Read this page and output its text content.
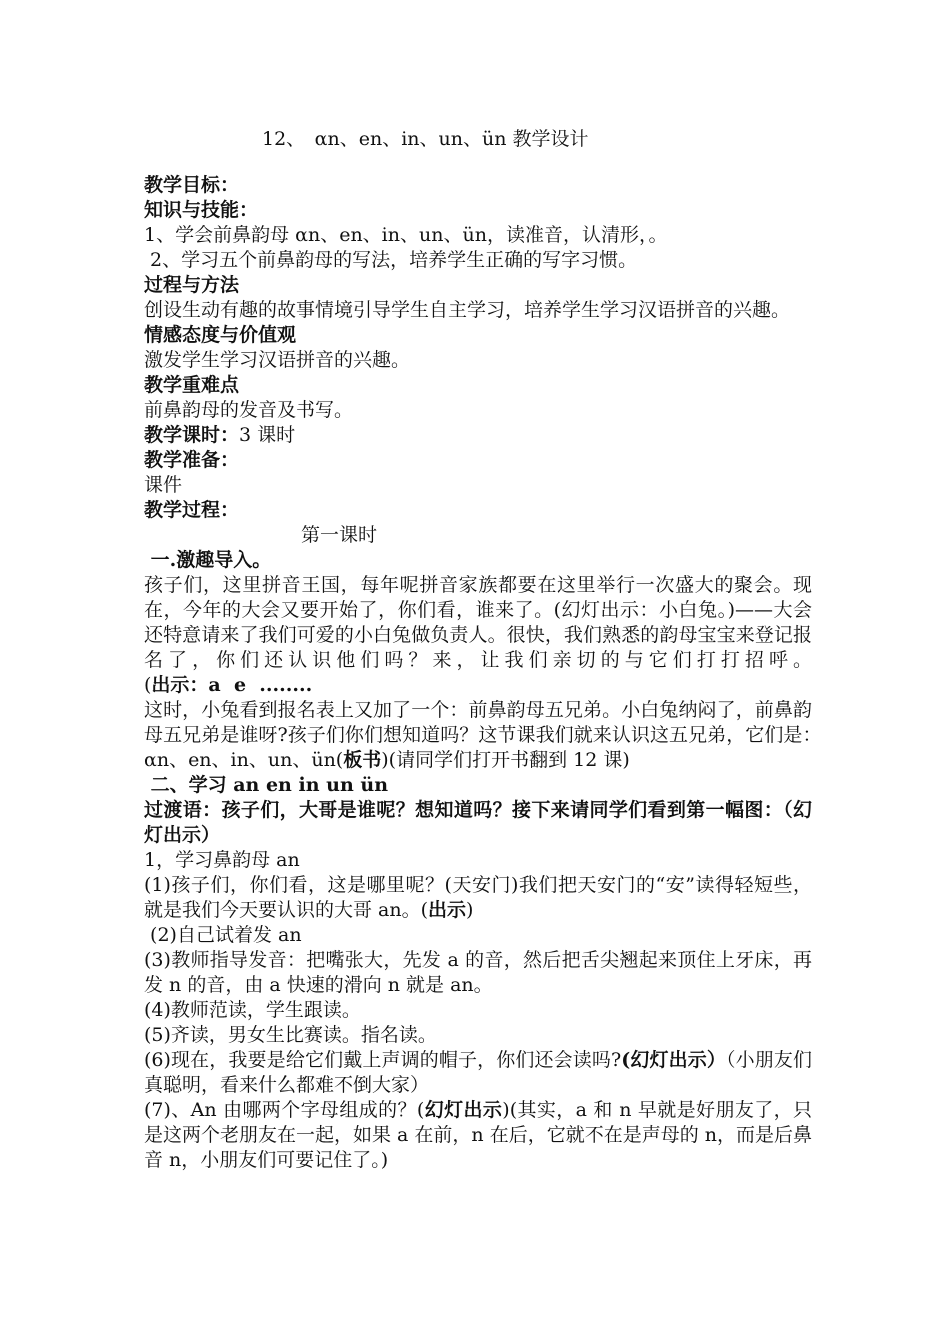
12、　αn、en、in、un、ün 教学设计

教学目标：

知识与技能：

1、学会前鼻韵母 αn、en、in、un、ün，读准音，认清形，。

2、学习五个前鼻韵母的写法，培养学生正确的写字习惯。

过程与方法

创设生动有趣的故事情境引导学生自主学习，培养学生学习汉语拼音的兴趣。

情感态度与价值观

激发学生学习汉语拼音的兴趣。

教学重难点

前鼻韵母的发音及书写。

教学课时：3 课时

教学准备：

课件

教学过程：

第一课时

一.激趣导入。

孩子们，这里拼音王国，每年呢拼音家族都要在这里举行一次盛大的聚会。现在，今年的大会又要开始了，你们看，谁来了。(幻灯出示：小白兔。)——大会还特意请来了我们可爱的小白兔做负责人。很快，我们熟悉的韵母宝宝来登记报名了，你们还认识他们吗？来，让我们亲切的与它们打打招呼。(出示：a  e  ........

这时，小兔看到报名表上又加了一个：前鼻韵母五兄弟。小白兔纳闷了，前鼻韵母五兄弟是谁呀?孩子们你们想知道吗？这节课我们就来认识这五兄弟，它们是：　αn、en、in、un、ün(板书)(请同学们打开书翻到 12 课)

二、学习 an en in un ün

过渡语：孩子们，大哥是谁呢？想知道吗？接下来请同学们看到第一幅图：（幻灯出示）

1，学习鼻韵母 an

(1)孩子们，你们看，这是哪里呢？(天安门)我们把天安门的“安”读得轻短些，就是我们今天要认识的大哥 an。(出示)

(2)自己试着发 an

(3)教师指导发音：把嘴张大，先发 a 的音，然后把舌尖翘起来顶住上牙床，再发 n 的音，由 a 快速的滑向 n 就是 an。

(4)教师范读，学生跟读。

(5)齐读，男女生比赛读。指名读。

(6)现在，我要是给它们戴上声调的帽子，你们还会读吗?(幻灯出示）（小朋友们真聪明，看来什么都难不倒大家）

(7)、An 由哪两个字母组成的？(幻灯出示)(其实，a 和 n 早就是好朋友了，只是这两个老朋友在一起，如果 a 在前，n 在后，它就不在是声母的 n，而是后鼻音 n，小朋友们可要记住了。)
